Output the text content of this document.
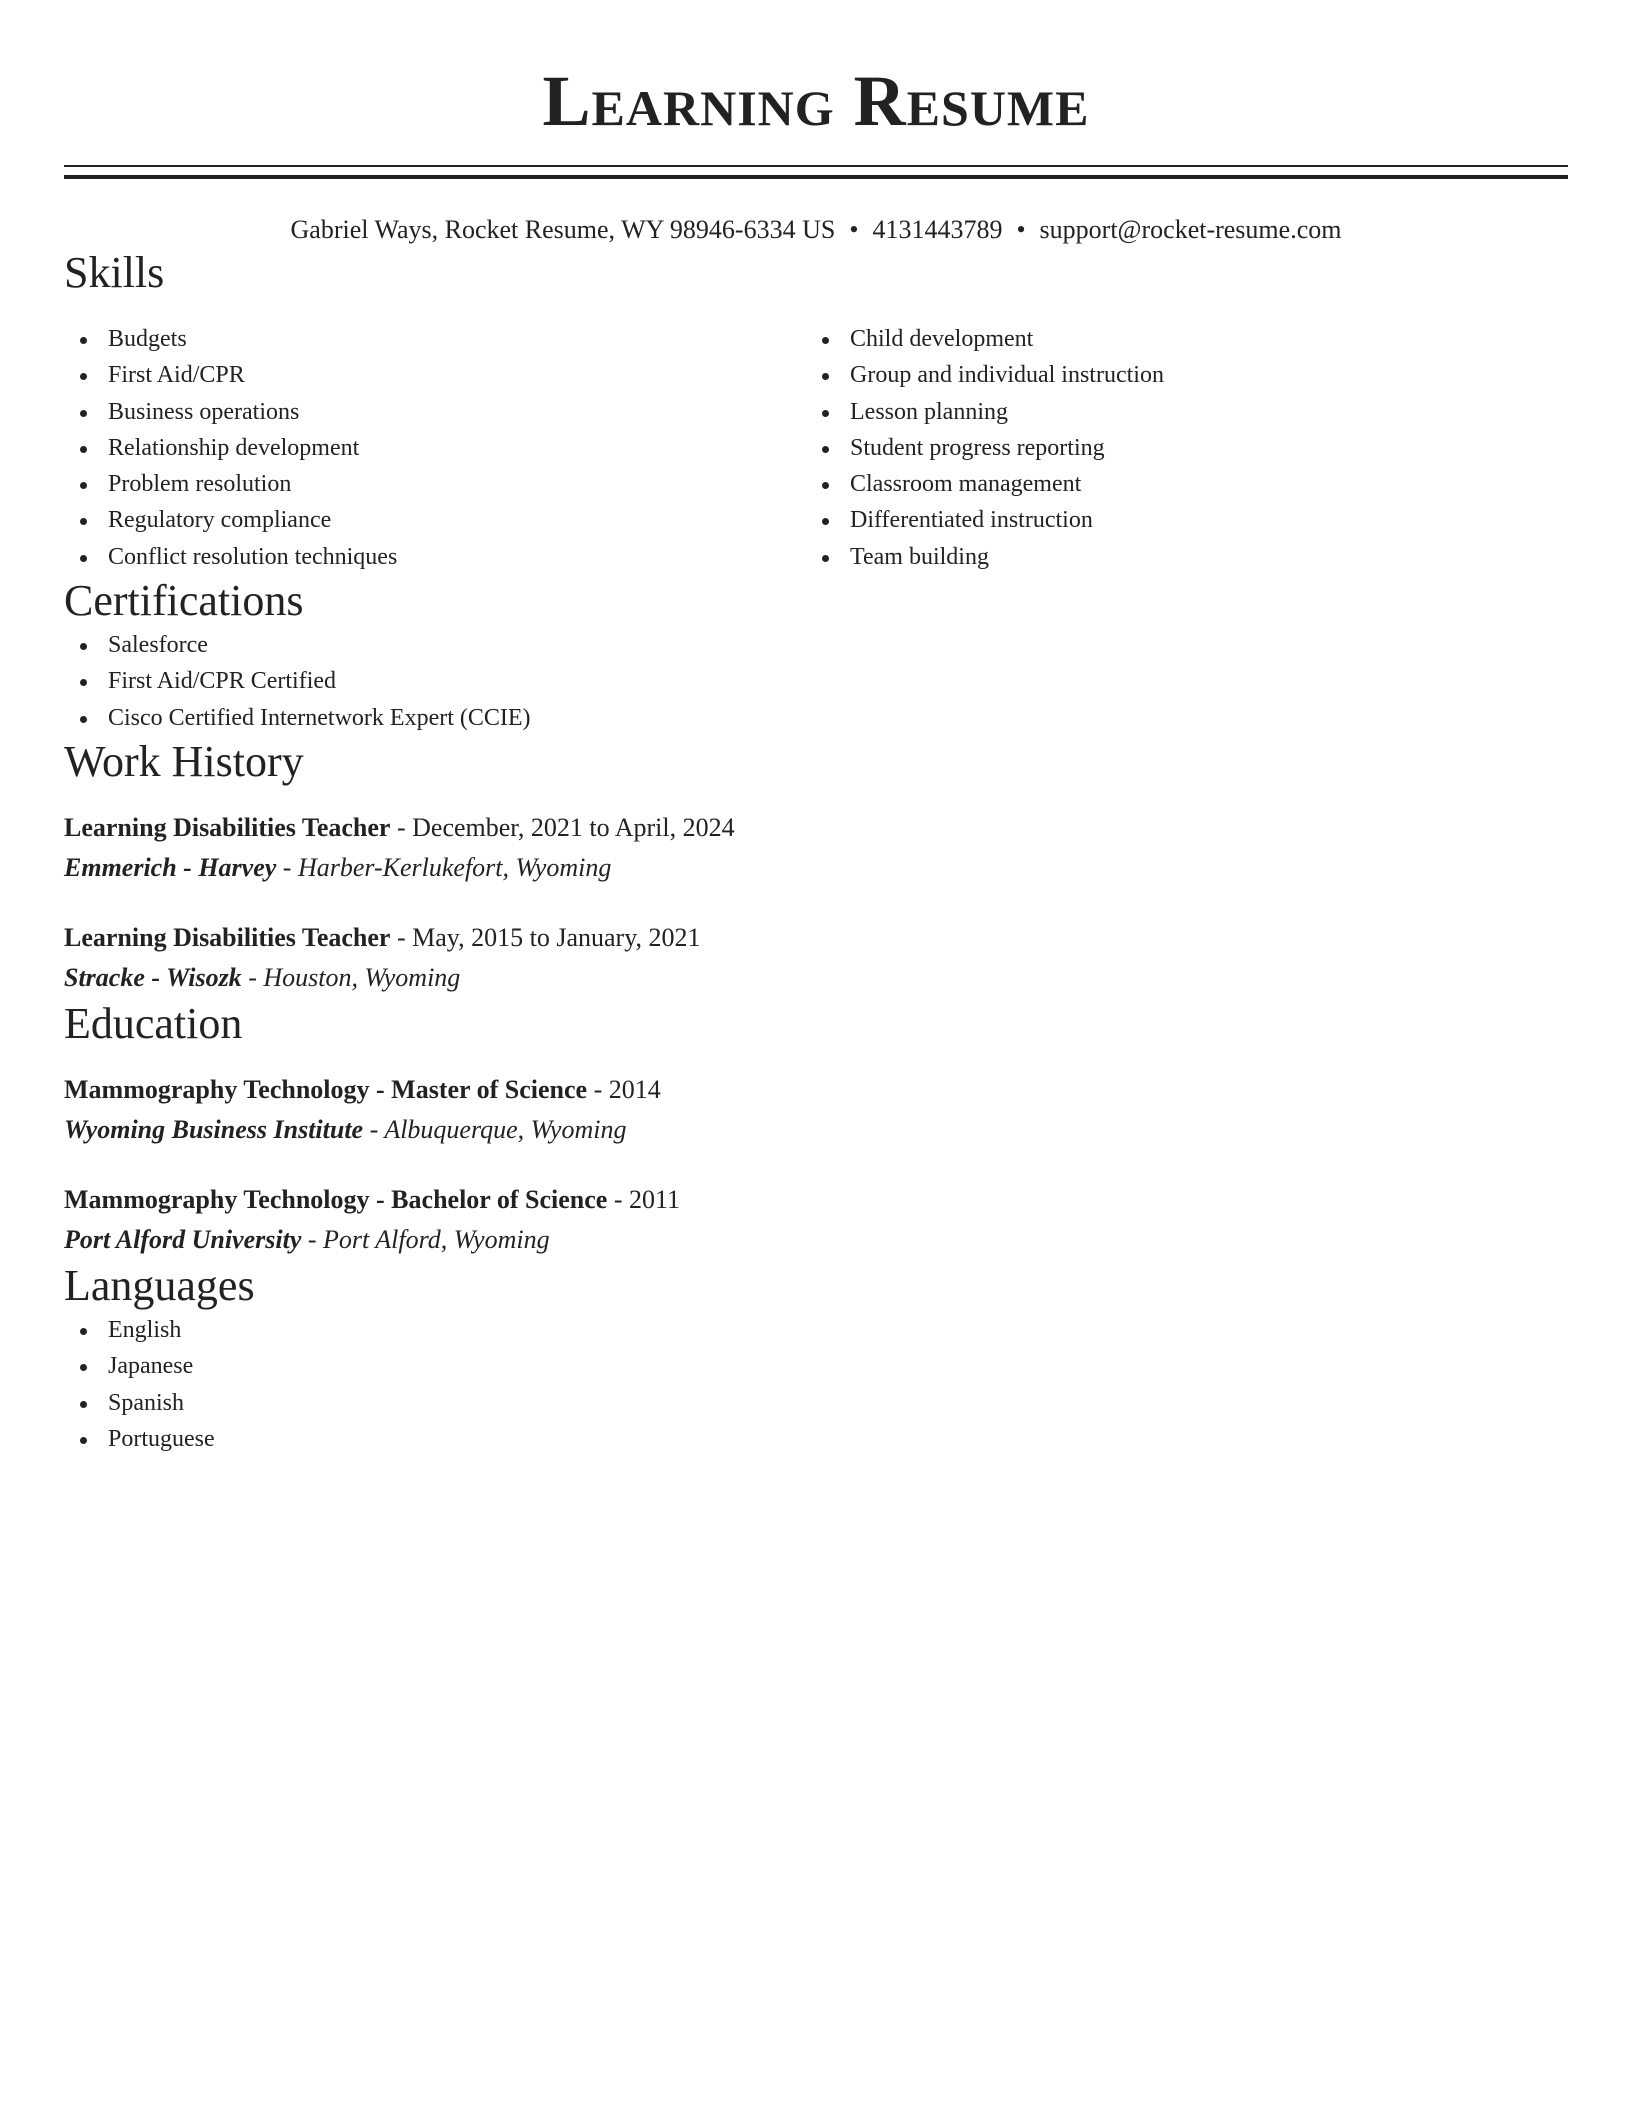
Learning Resume
Gabriel Ways, Rocket Resume, WY 98946-6334 US • 4131443789 • support@rocket-resume.com
Skills
Budgets
First Aid/CPR
Business operations
Relationship development
Problem resolution
Regulatory compliance
Conflict resolution techniques
Child development
Group and individual instruction
Lesson planning
Student progress reporting
Classroom management
Differentiated instruction
Team building
Certifications
Salesforce
First Aid/CPR Certified
Cisco Certified Internetwork Expert (CCIE)
Work History
Learning Disabilities Teacher - December, 2021 to April, 2024
Emmerich - Harvey - Harber-Kerlukefort, Wyoming
Learning Disabilities Teacher - May, 2015 to January, 2021
Stracke - Wisozk - Houston, Wyoming
Education
Mammography Technology - Master of Science - 2014
Wyoming Business Institute - Albuquerque, Wyoming
Mammography Technology - Bachelor of Science - 2011
Port Alford University - Port Alford, Wyoming
Languages
English
Japanese
Spanish
Portuguese
